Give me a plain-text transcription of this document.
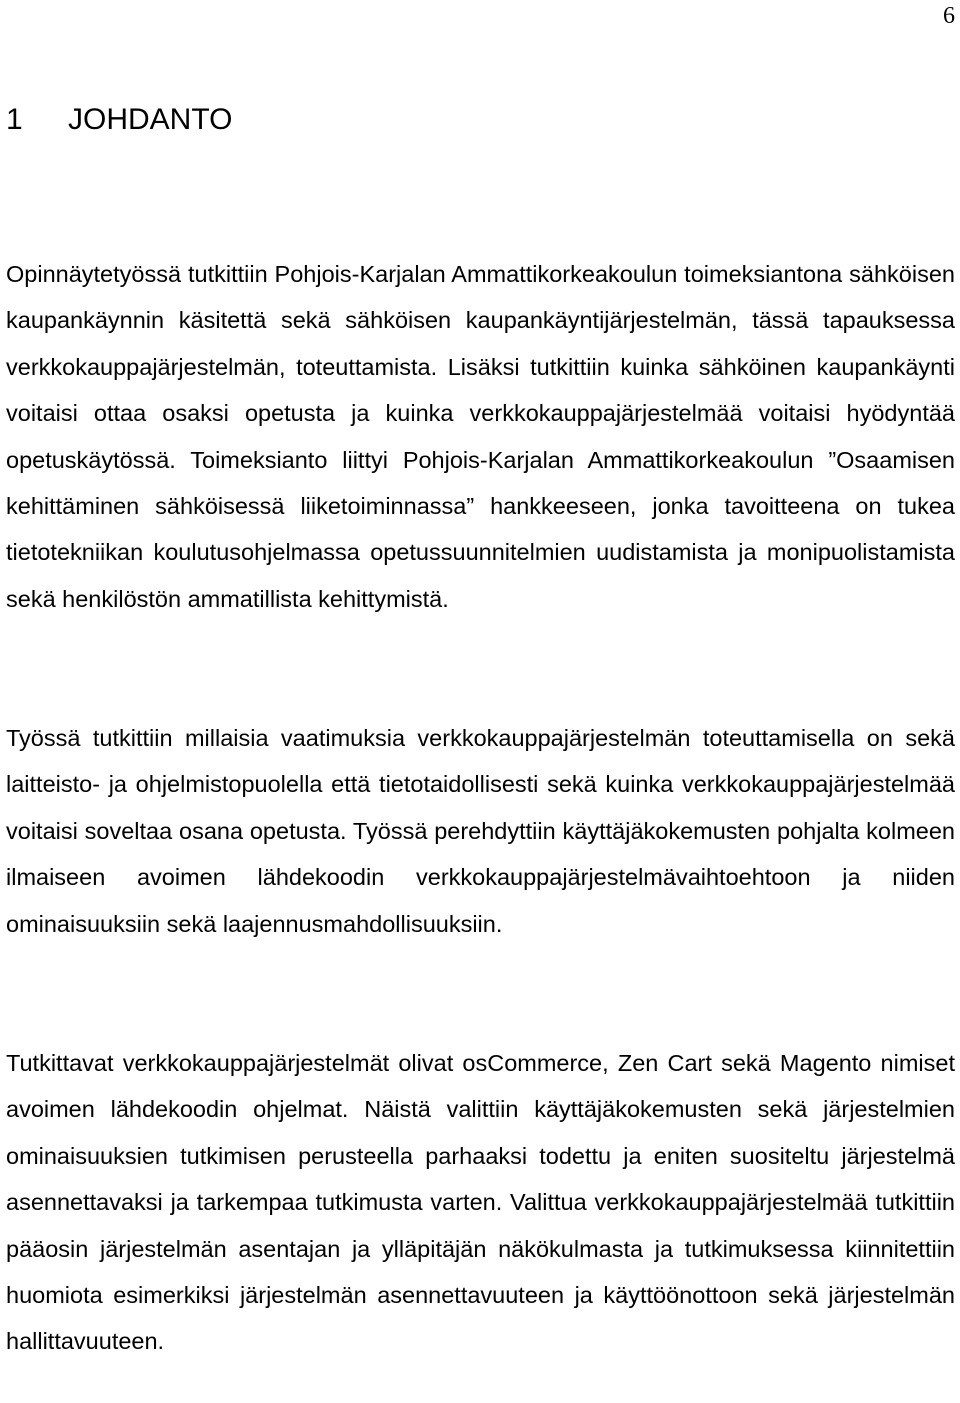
6
1 JOHDANTO

Opinnäytetyössä tutkittiin Pohjois-Karjalan Ammattikorkeakoulun toimeksiantona sähköisen kaupankäynnin käsitettä sekä sähköisen kaupankäyntijärjestelmän, tässä tapauksessa verkkokauppajärjestelmän, toteuttamista. Lisäksi tutkittiin kuinka sähköinen kaupankäynti voitaisi ottaa osaksi opetusta ja kuinka verkkokauppajärjestelmää voitaisi hyödyntää opetuskäytössä. Toimeksianto liittyi Pohjois-Karjalan Ammattikorkeakoulun ”Osaamisen kehittäminen sähköisessä liiketoiminnassa” hankkeeseen, jonka tavoitteena on tukea tietotekniikan koulutusohjelmassa opetussuunnitelmien uudistamista ja monipuolistamista sekä henkilöstön ammatillista kehittymistä.

Työssä tutkittiin millaisia vaatimuksia verkkokauppajärjestelmän toteuttamisella on sekä laitteisto- ja ohjelmistopuolella että tietotaidollisesti sekä kuinka verkkokauppajärjestelmää voitaisi soveltaa osana opetusta. Työssä perehdyttiin käyttäjäkokemusten pohjalta kolmeen ilmaiseen avoimen lähdekoodin verkkokauppajärjestelmävaihtoehtoon ja niiden ominaisuuksiin sekä laajennusmahdollisuuksiin.

Tutkittavat verkkokauppajärjestelmät olivat osCommerce, Zen Cart sekä Magento nimiset avoimen lähdekoodin ohjelmat. Näistä valittiin käyttäjäkokemusten sekä järjestelmien ominaisuuksien tutkimisen perusteella parhaaksi todettu ja eniten suositeltu järjestelmä asennettavaksi ja tarkempaa tutkimusta varten. Valittua verkkokauppajärjestelmää tutkittiin pääosin järjestelmän asentajan ja ylläpitäjän näkökulmasta ja tutkimuksessa kiinnitettiin huomiota esimerkiksi järjestelmän asennettavuuteen ja käyttöönottoon sekä järjestelmän hallittavuuteen.
